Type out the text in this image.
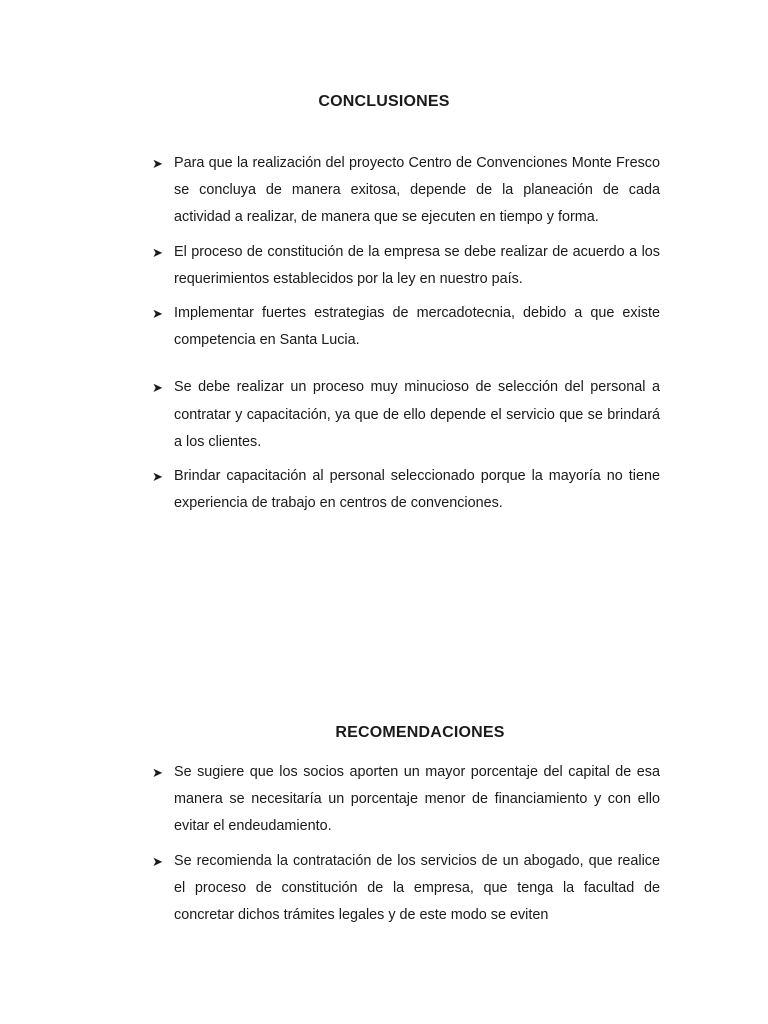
CONCLUSIONES
➤ Para que la realización del proyecto Centro de Convenciones Monte Fresco se concluya de manera exitosa, depende de la planeación de cada actividad a realizar, de manera que se ejecuten en tiempo y forma.
➤ El proceso de constitución de la empresa se debe realizar de acuerdo a los requerimientos establecidos por la ley en nuestro país.
➤ Implementar fuertes estrategias de mercadotecnia, debido a que existe competencia en Santa Lucia.
➤ Se debe realizar un proceso muy minucioso de selección del personal a contratar y capacitación, ya que de ello depende el servicio que se brindará a los clientes.
➤ Brindar capacitación al personal seleccionado porque la mayoría no tiene experiencia de trabajo en centros de convenciones.
RECOMENDACIONES
➤ Se sugiere que los socios aporten un mayor porcentaje del capital de esa manera se necesitaría un porcentaje menor de financiamiento y con ello evitar el endeudamiento.
➤ Se recomienda la contratación de los servicios de un abogado, que realice el proceso de constitución de la empresa, que tenga la facultad de concretar dichos trámites legales y de este modo se eviten
